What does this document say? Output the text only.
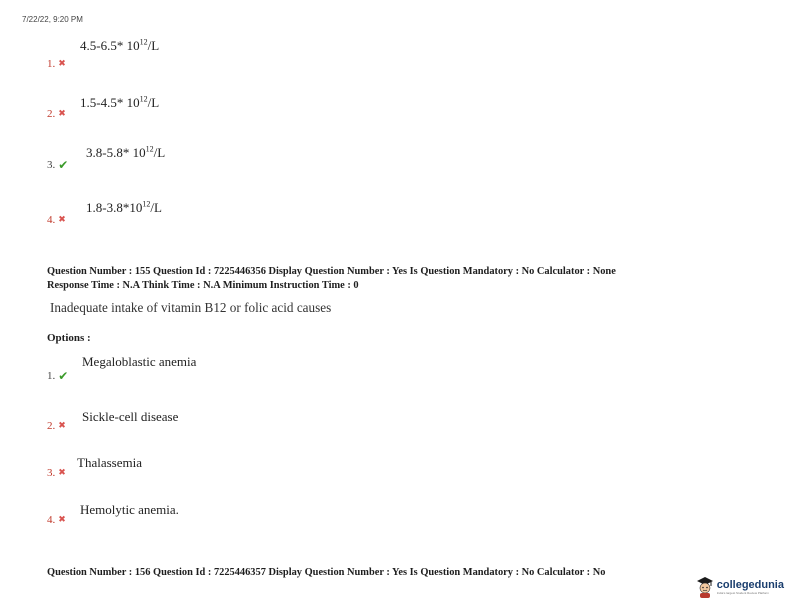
7/22/22, 9:20 PM
4.5-6.5* $10^{12}/L$
1. ✖
1.5-4.5* $10^{12}/L$
2. ✖
3.8-5.8* $10^{12}/L$
3. ✔
$1.8-3.8*10^{12}/L$
4. ✖
Question Number : 155 Question Id : 7225446356 Display Question Number : Yes Is Question Mandatory : No Calculator : None
Response Time : N.A Think Time : N.A Minimum Instruction Time : 0
Inadequate intake of vitamin B12 or folic acid causes
Options :
Megaloblastic anemia
1. ✔
Sickle-cell disease
2. ✖
Thalassemia
3. ✖
Hemolytic anemia.
4. ✖
Question Number : 156 Question Id : 7225446357 Display Question Number : Yes Is Question Mandatory : No Calculator : No
collegedunia
India's largest Student Review Platform
